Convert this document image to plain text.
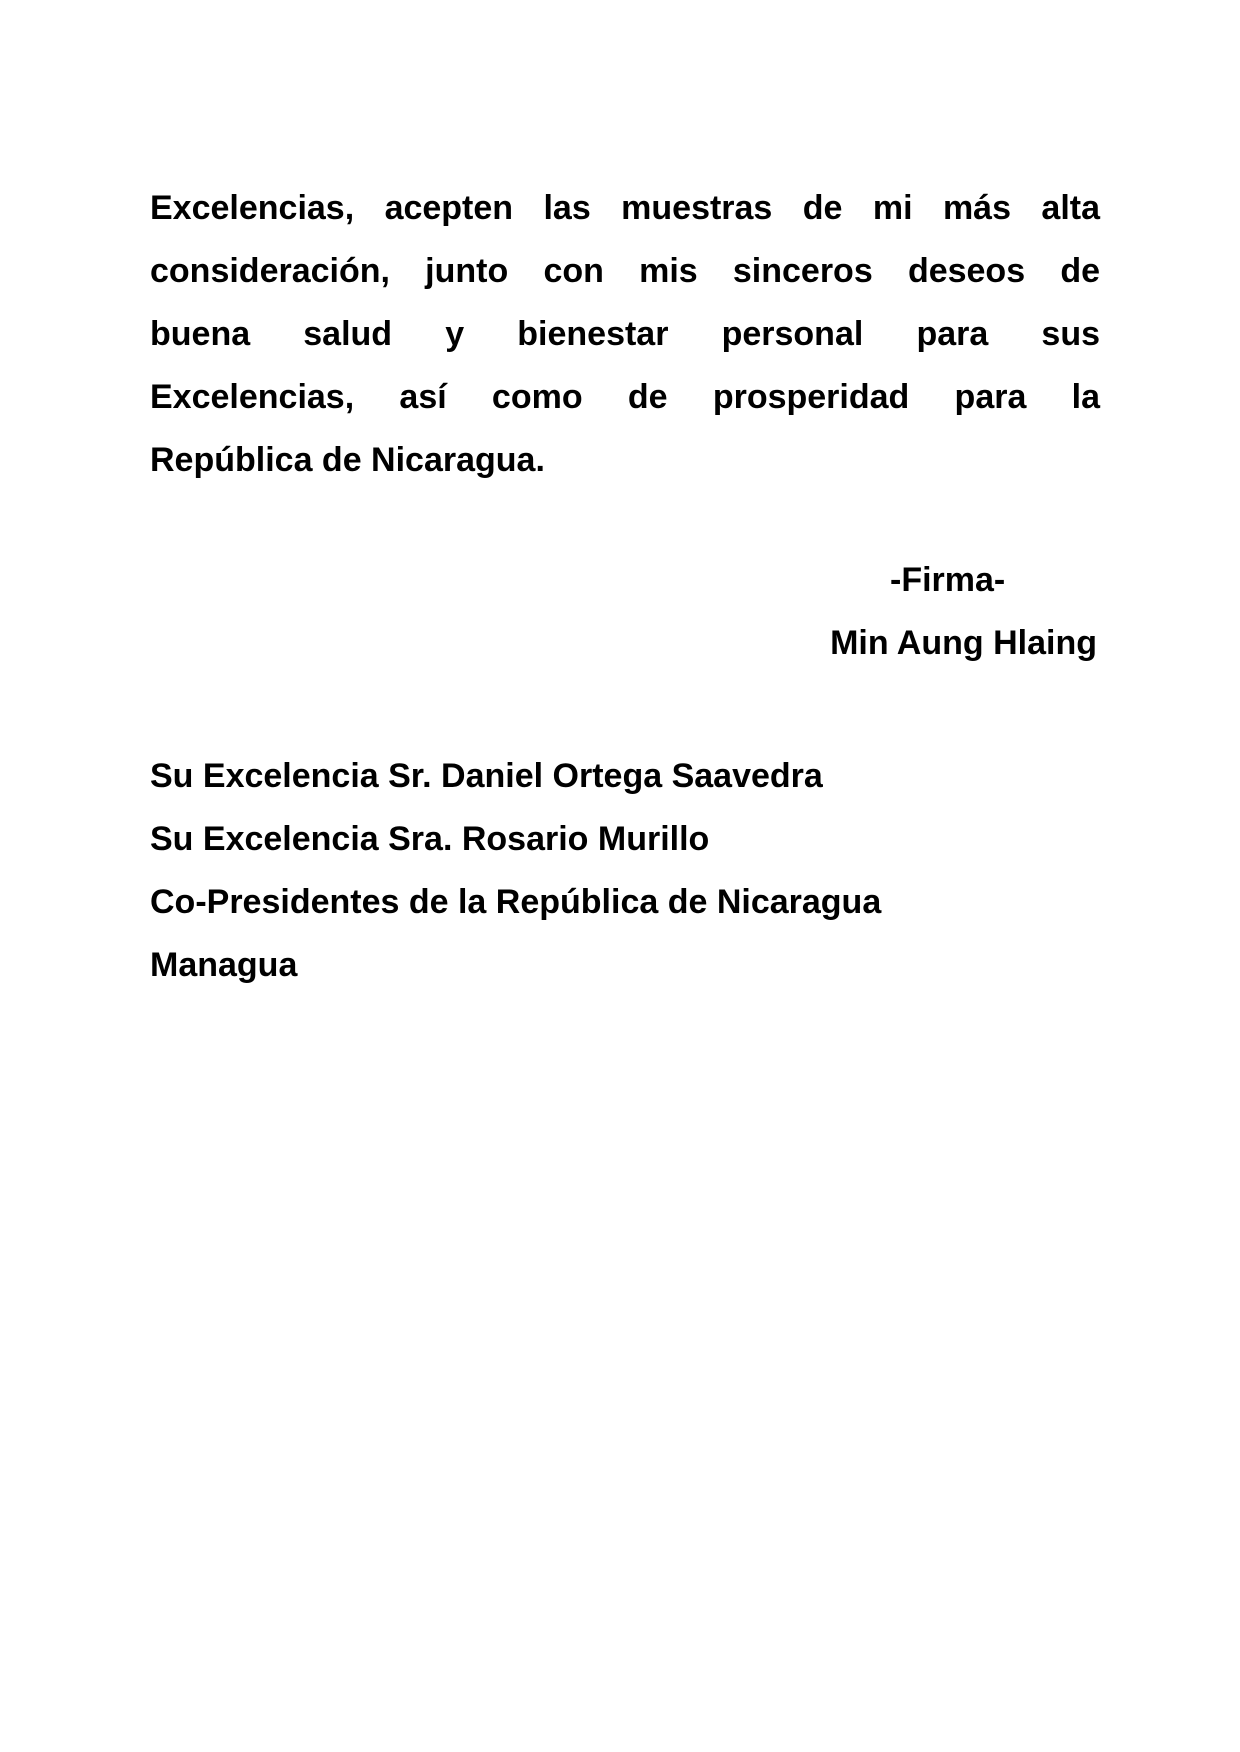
Excelencias, acepten las muestras de mi más alta
consideración, junto con mis sinceros deseos de
buena salud y bienestar personal para sus
Excelencias, así como de prosperidad para la
República de Nicaragua.

-Firma-

Min Aung Hlaing

Su Excelencia Sr. Daniel Ortega Saavedra
Su Excelencia Sra. Rosario Murillo
Co-Presidentes de la República de Nicaragua
Managua
